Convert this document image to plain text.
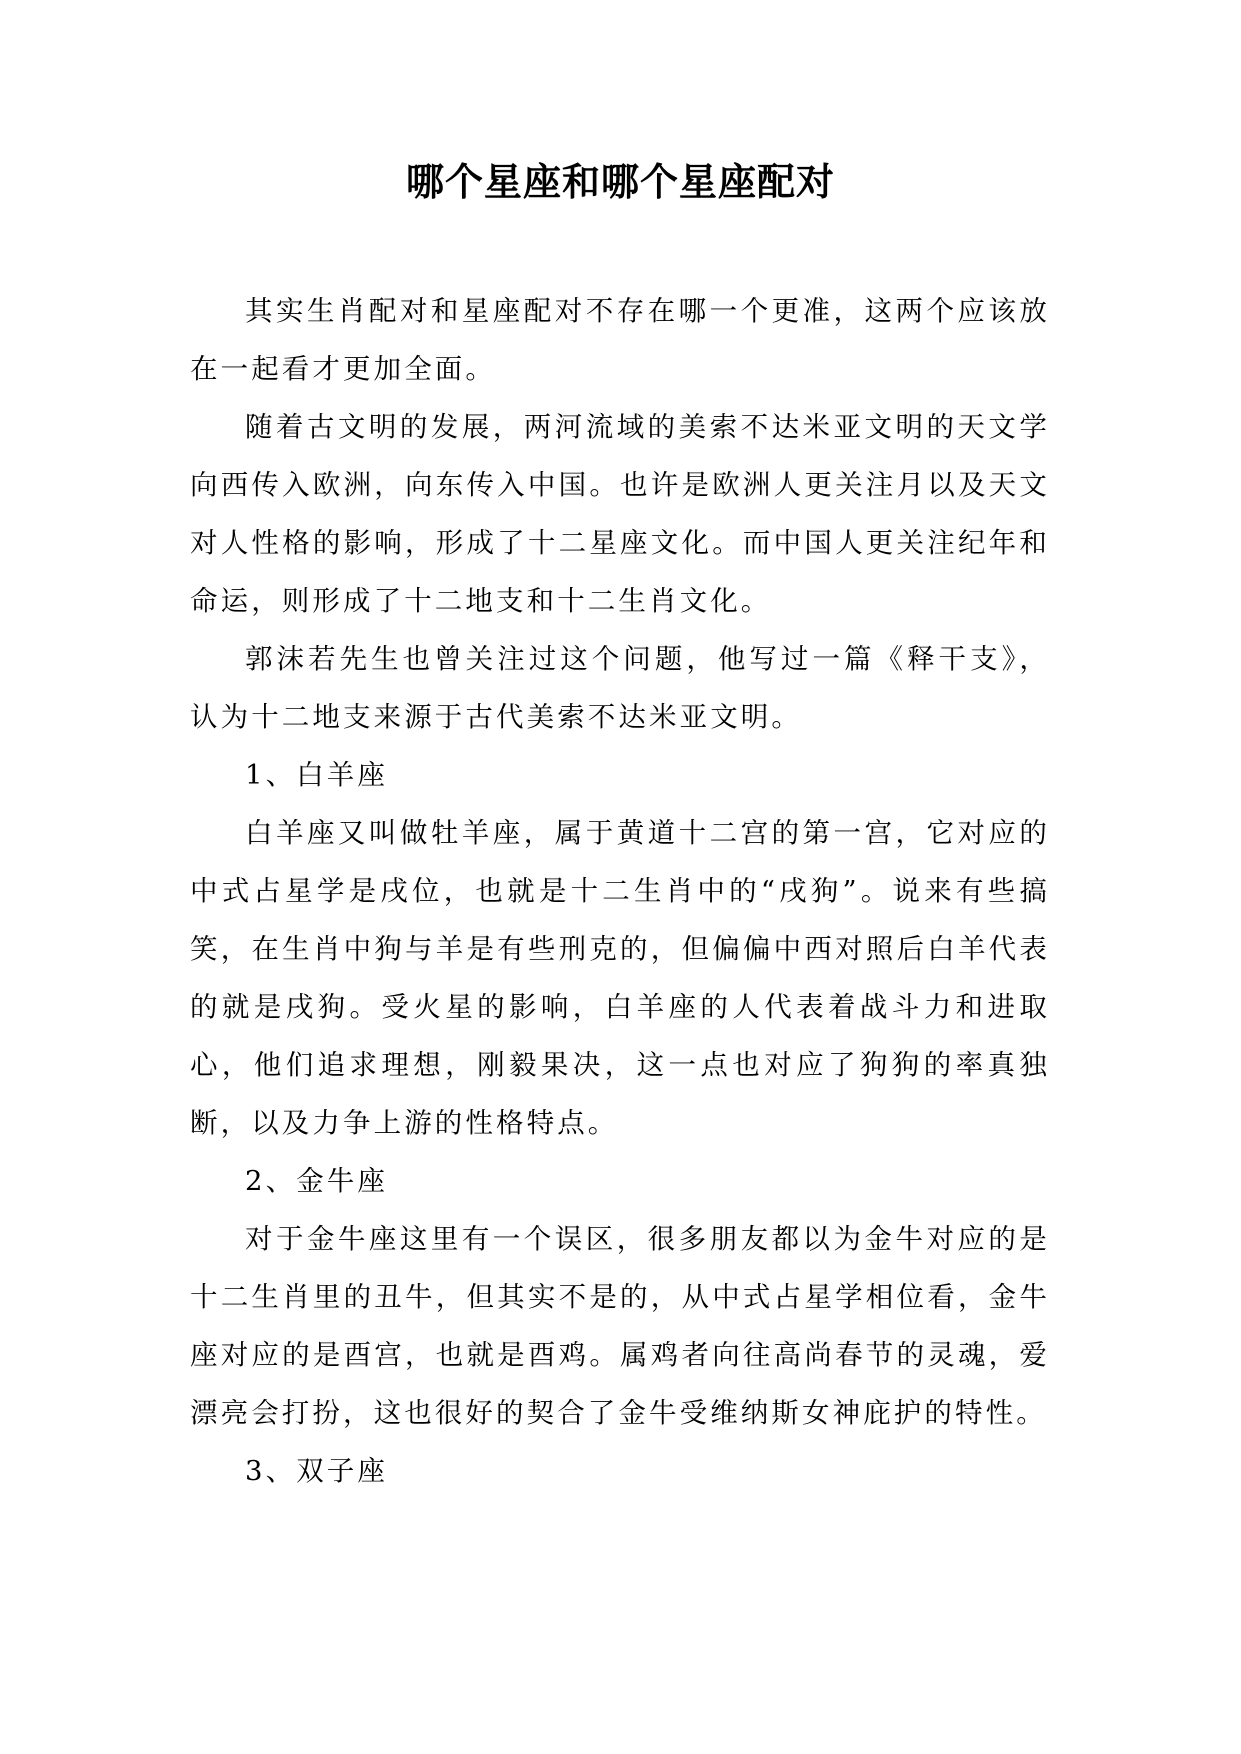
哪个星座和哪个星座配对

其实生肖配对和星座配对不存在哪一个更准，这两个应该放在一起看才更加全面。

随着古文明的发展，两河流域的美索不达米亚文明的天文学向西传入欧洲，向东传入中国。也许是欧洲人更关注月以及天文对人性格的影响，形成了十二星座文化。而中国人更关注纪年和命运，则形成了十二地支和十二生肖文化。

郭沫若先生也曾关注过这个问题，他写过一篇《释干支》，认为十二地支来源于古代美索不达米亚文明。

1、白羊座

白羊座又叫做牡羊座，属于黄道十二宫的第一宫，它对应的中式占星学是戌位，也就是十二生肖中的“戌狗”。说来有些搞笑，在生肖中狗与羊是有些刑克的，但偏偏中西对照后白羊代表的就是戌狗。受火星的影响，白羊座的人代表着战斗力和进取心，他们追求理想，刚毅果决，这一点也对应了狗狗的率真独断，以及力争上游的性格特点。

2、金牛座

对于金牛座这里有一个误区，很多朋友都以为金牛对应的是十二生肖里的丑牛，但其实不是的，从中式占星学相位看，金牛座对应的是酉宫，也就是酉鸡。属鸡者向往高尚春节的灵魂，爱漂亮会打扮，这也很好的契合了金牛受维纳斯女神庇护的特性。

3、双子座
